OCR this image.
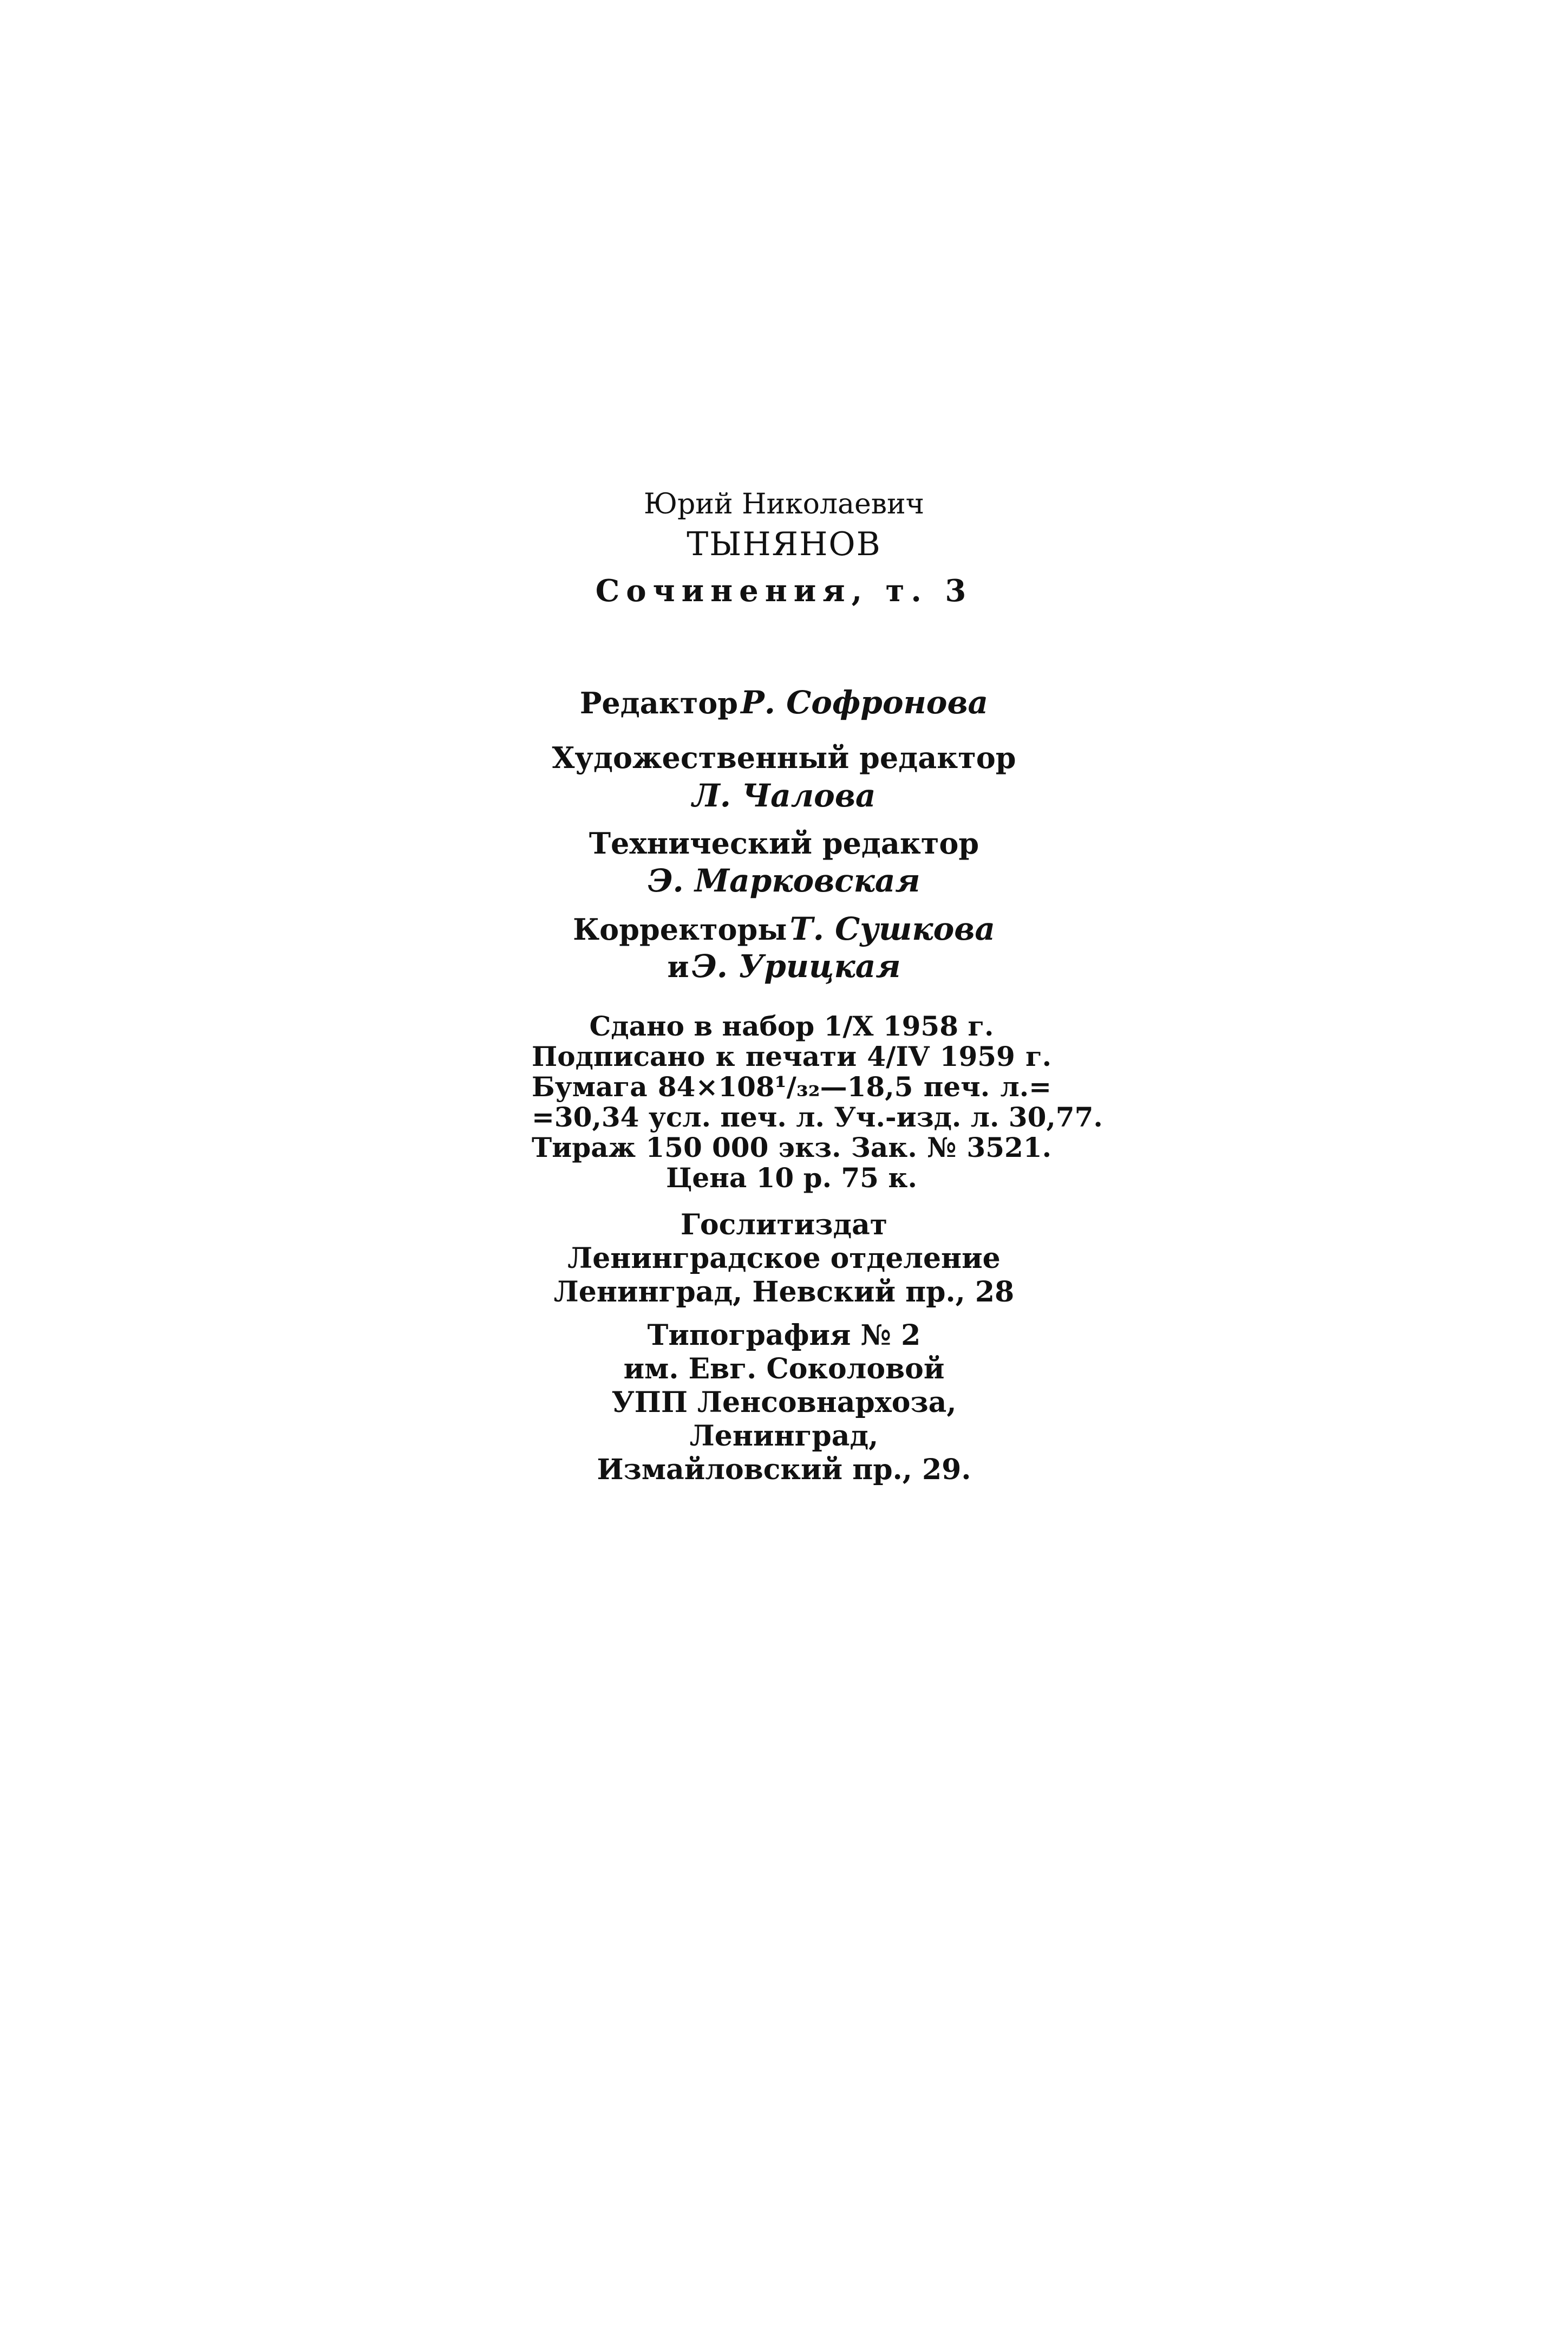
Юрий Николаевич
ТЫНЯНОВ
Сочинения, т. 3
Редактор Р. Софронова
Художественный редактор
Л. Чалова
Технический редактор
Э. Марковская
Корректоры Т. Сушкова
и Э. Урицкая
Сдано в набор 1/X 1958 г.
Подписано к печати 4/IV 1959 г.
Бумага 84×108¹/₃₂—18,5 печ. л.=
=30,34 усл. печ. л. Уч.-изд. л. 30,77.
Тираж 150 000 экз. Зак. № 3521.
Цена 10 р. 75 к.
Гослитиздат
Ленинградское отделение
Ленинград, Невский пр., 28
Типография № 2
им. Евг. Соколовой
УПП Ленсовнархоза,
Ленинград,
Измайловский пр., 29.
